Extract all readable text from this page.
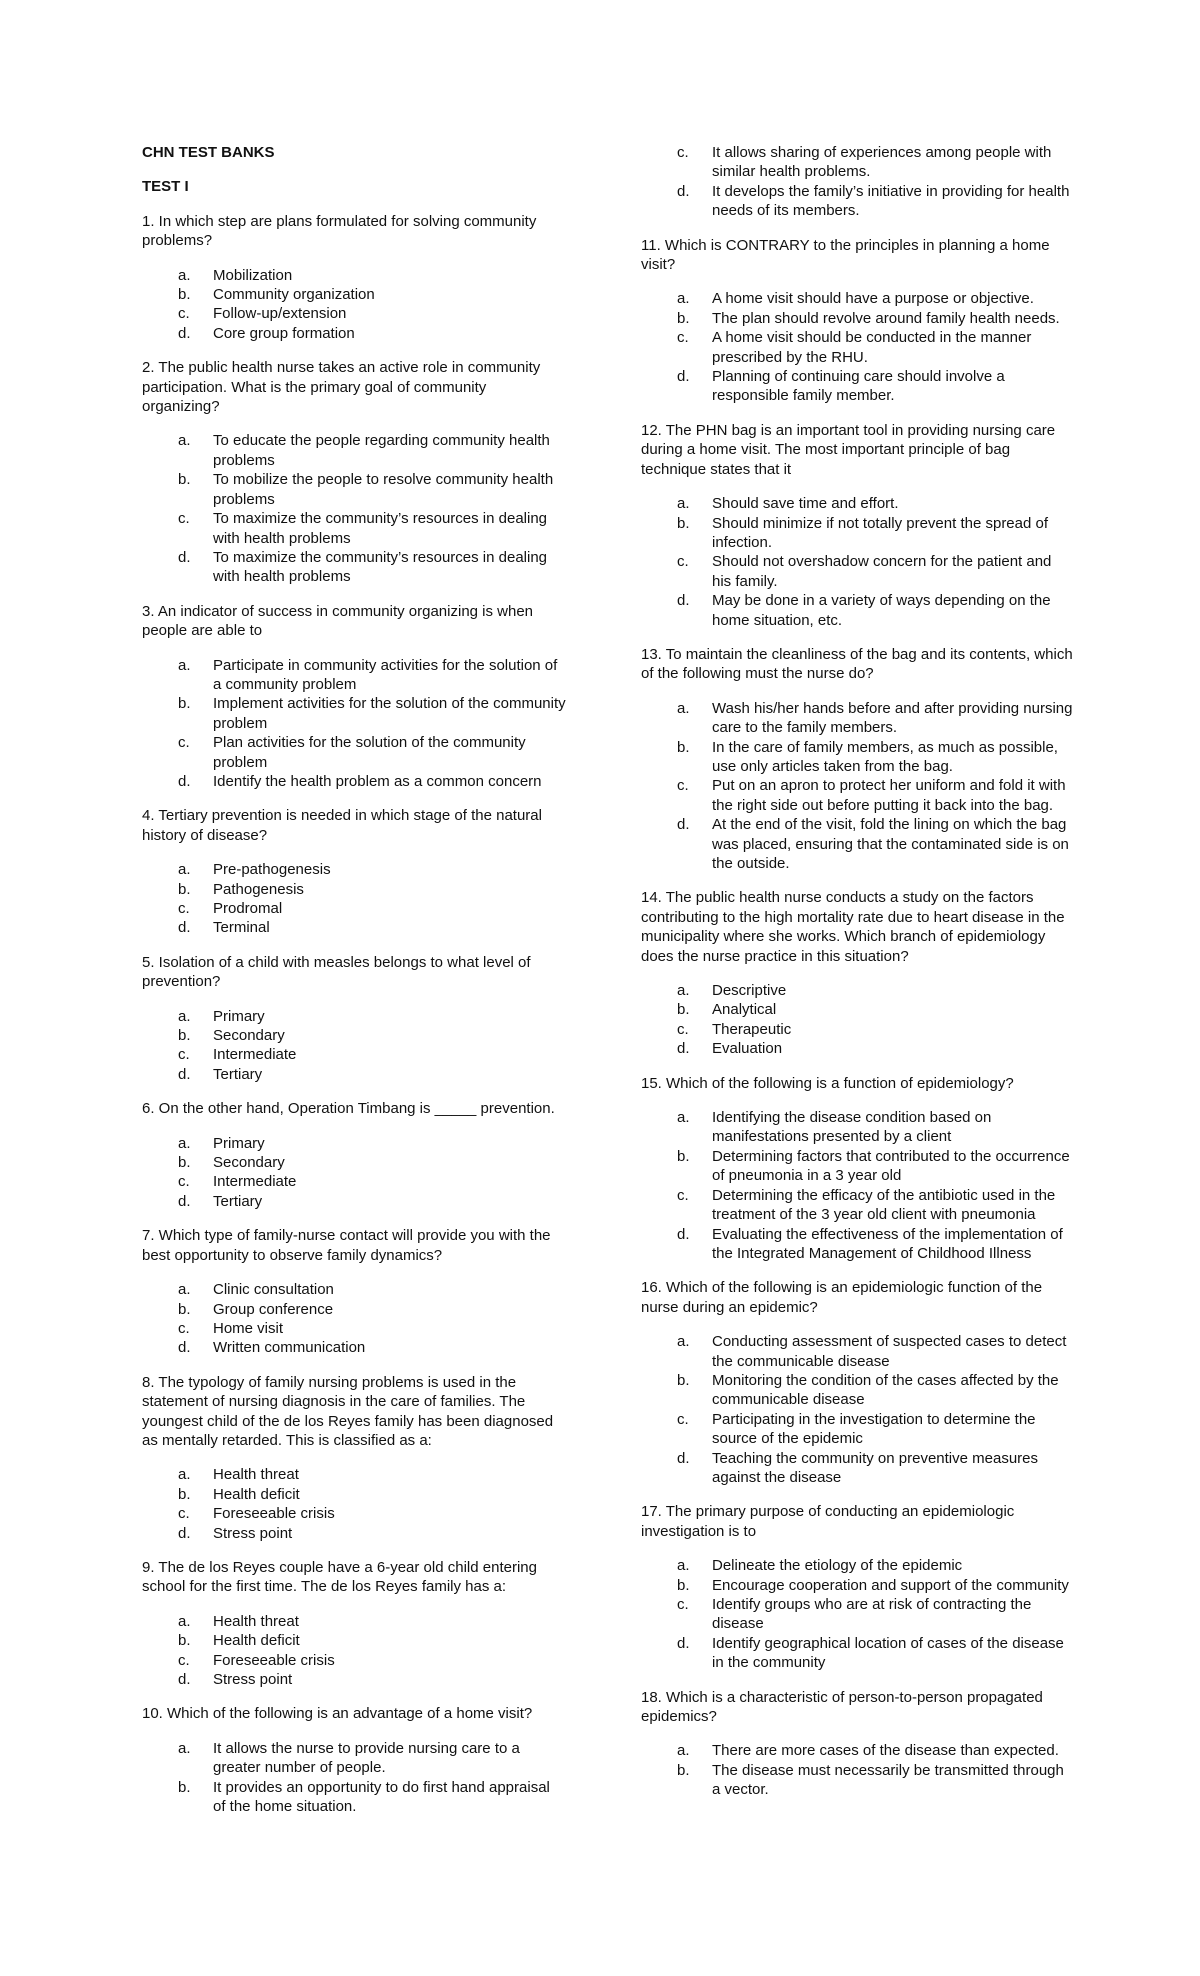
CHN TEST BANKS

TEST I

1. In which step are plans formulated for solving community problems?

a.	Mobilization
b.	Community organization
c.	Follow-up/extension
d.	Core group formation

2. The public health nurse takes an active role in community participation. What is the primary goal of community organizing?

a.	To educate the people regarding community health problems
b.	To mobilize the people to resolve community health problems
c.	To maximize the community’s resources in dealing with health problems
d.	To maximize the community’s resources in dealing with health problems

3. An indicator of success in community organizing is when people are able to

a.	Participate in community activities for the solution of a community problem
b.	Implement activities for the solution of the community problem
c.	Plan activities for the solution of the community problem
d.	Identify the health problem as a common concern

4. Tertiary prevention is needed in which stage of the natural history of disease?

a.	Pre-pathogenesis
b.	Pathogenesis
c.	Prodromal
d.	Terminal

5. Isolation of a child with measles belongs to what level of prevention?

a.	Primary
b.	Secondary
c.	Intermediate
d.	Tertiary

6. On the other hand, Operation Timbang is _____ prevention.

a.	Primary
b.	Secondary
c.	Intermediate
d.	Tertiary

7. Which type of family-nurse contact will provide you with the best opportunity to observe family dynamics?

a.	Clinic consultation
b.	Group conference
c.	Home visit
d.	Written communication

8. The typology of family nursing problems is used in the statement of nursing diagnosis in the care of families. The youngest child of the de los Reyes family has been diagnosed as mentally retarded. This is classified as a:

a.	Health threat
b.	Health deficit
c.	Foreseeable crisis
d.	Stress point

9. The de los Reyes couple have a 6-year old child entering school for the first time. The de los Reyes family has a:

a.	Health threat
b.	Health deficit
c.	Foreseeable crisis
d.	Stress point

10. Which of the following is an advantage of a home visit?

a.	It allows the nurse to provide nursing care to a greater number of people.
b.	It provides an opportunity to do first hand appraisal of the home situation.
c.	It allows sharing of experiences among people with similar health problems.
d.	It develops the family’s initiative in providing for health needs of its members.

11. Which is CONTRARY to the principles in planning a home visit?

a.	A home visit should have a purpose or objective.
b.	The plan should revolve around family health needs.
c.	A home visit should be conducted in the manner prescribed by the RHU.
d.	Planning of continuing care should involve a responsible family member.

12. The PHN bag is an important tool in providing nursing care during a home visit. The most important principle of bag technique states that it

a.	Should save time and effort.
b.	Should minimize if not totally prevent the spread of infection.
c.	Should not overshadow concern for the patient and his family.
d.	May be done in a variety of ways depending on the home situation, etc.

13. To maintain the cleanliness of the bag and its contents, which of the following must the nurse do?

a.	Wash his/her hands before and after providing nursing care to the family members.
b.	In the care of family members, as much as possible, use only articles taken from the bag.
c.	Put on an apron to protect her uniform and fold it with the right side out before putting it back into the bag.
d.	At the end of the visit, fold the lining on which the bag was placed, ensuring that the contaminated side is on the outside.

14. The public health nurse conducts a study on the factors contributing to the high mortality rate due to heart disease in the municipality where she works. Which branch of epidemiology does the nurse practice in this situation?

a.	Descriptive
b.	Analytical
c.	Therapeutic
d.	Evaluation

15. Which of the following is a function of epidemiology?

a.	Identifying the disease condition based on manifestations presented by a client
b.	Determining factors that contributed to the occurrence of pneumonia in a 3 year old
c.	Determining the efficacy of the antibiotic used in the treatment of the 3 year old client with pneumonia
d.	Evaluating the effectiveness of the implementation of the Integrated Management of Childhood Illness

16. Which of the following is an epidemiologic function of the nurse during an epidemic?

a.	Conducting assessment of suspected cases to detect the communicable disease
b.	Monitoring the condition of the cases affected by the communicable disease
c.	Participating in the investigation to determine the source of the epidemic
d.	Teaching the community on preventive measures against the disease

17. The primary purpose of conducting an epidemiologic investigation is to

a.	Delineate the etiology of the epidemic
b.	Encourage cooperation and support of the community
c.	Identify groups who are at risk of contracting the disease
d.	Identify geographical location of cases of the disease in the community

18. Which is a characteristic of person-to-person propagated epidemics?

a.	There are more cases of the disease than expected.
b.	The disease must necessarily be transmitted through a vector.
